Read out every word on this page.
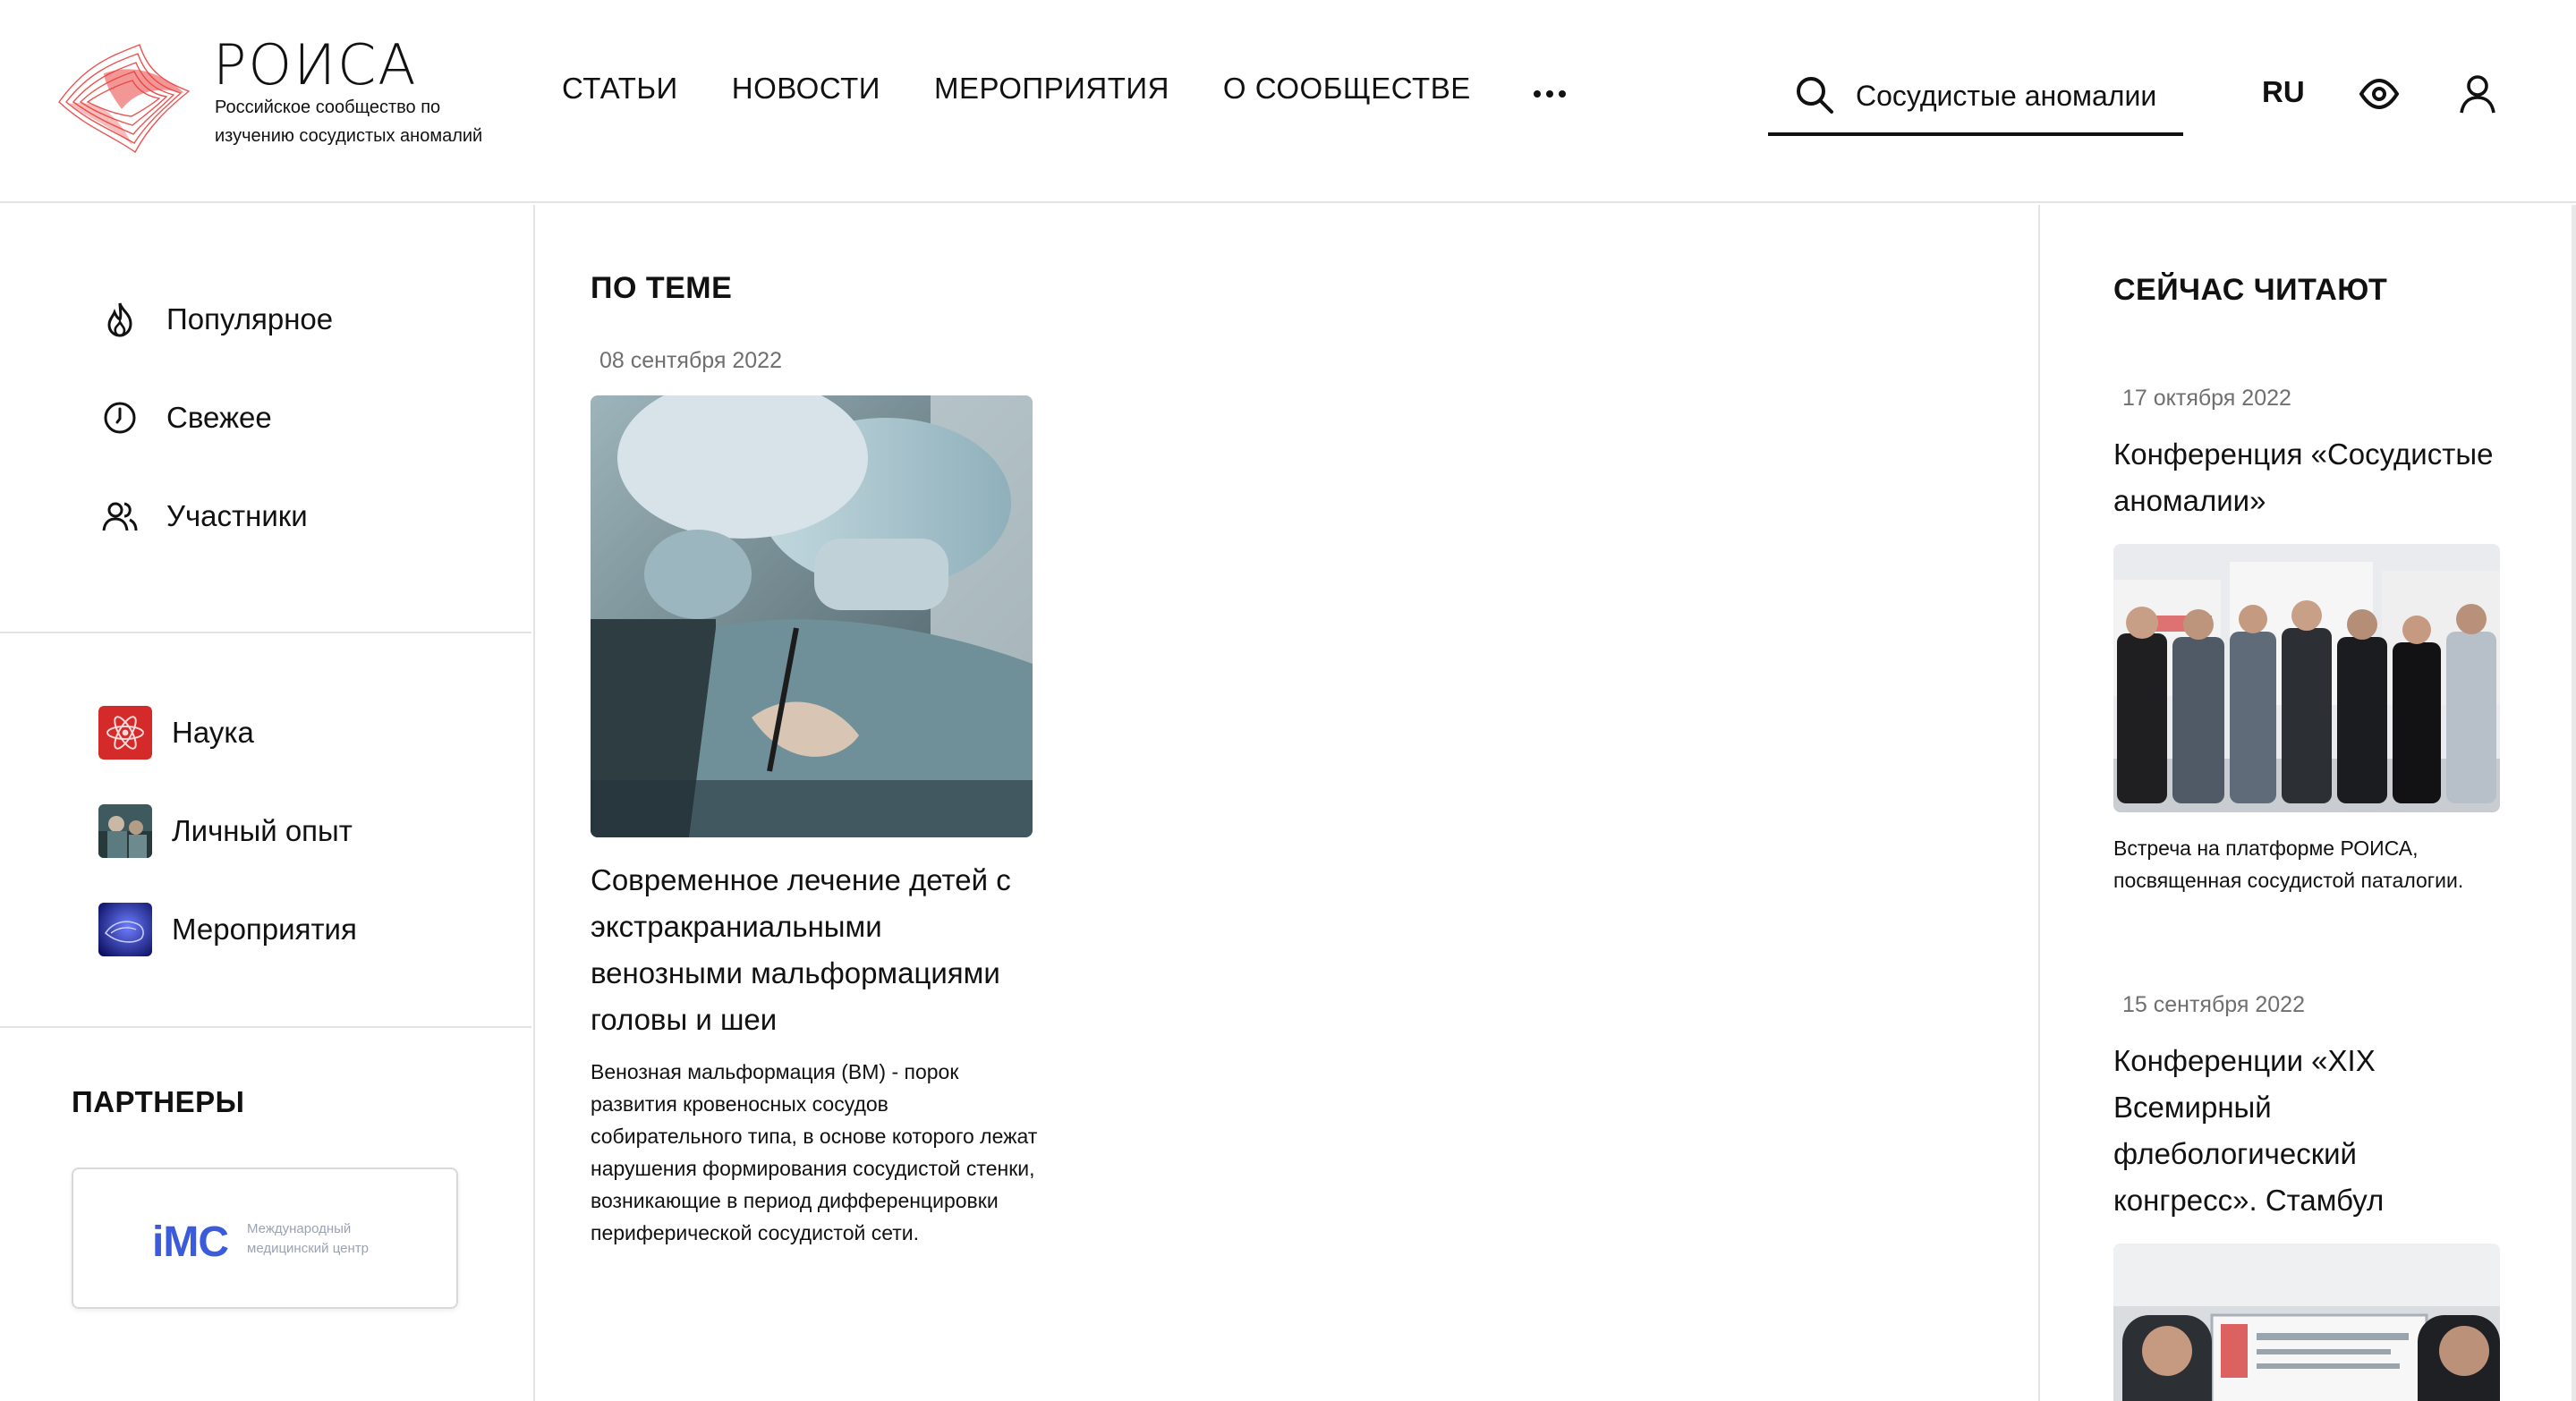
РОИСА
Российское сообщество по изучению сосудистых аномалий
СТАТЬИ НОВОСТИ МЕРОПРИЯТИЯ О СООБЩЕСТВЕ
Сосудистые аномалии	RU
Популярное
Свежее
Участники
Наука
Личный опыт
Мероприятия
ПАРТНЕРЫ
iMC Международный медицинский центр
ПО ТЕМЕ
08 сентября 2022
Современное лечение детей с экстракраниальными венозными мальформациями головы и шеи
Венозная мальформация (ВМ) - порок развития кровеносных сосудов собирательного типа, в основе которого лежат нарушения формирования сосудистой стенки, возникающие в период дифференцировки периферической сосудистой сети.
СЕЙЧАС ЧИТАЮТ
17 октября 2022
Конференция «Сосудистые аномалии»
Встреча на платформе РОИСА, посвященная сосудистой паталогии.
15 сентября 2022
Конференции «XIX Всемирный флебологический конгресс». Стамбул
